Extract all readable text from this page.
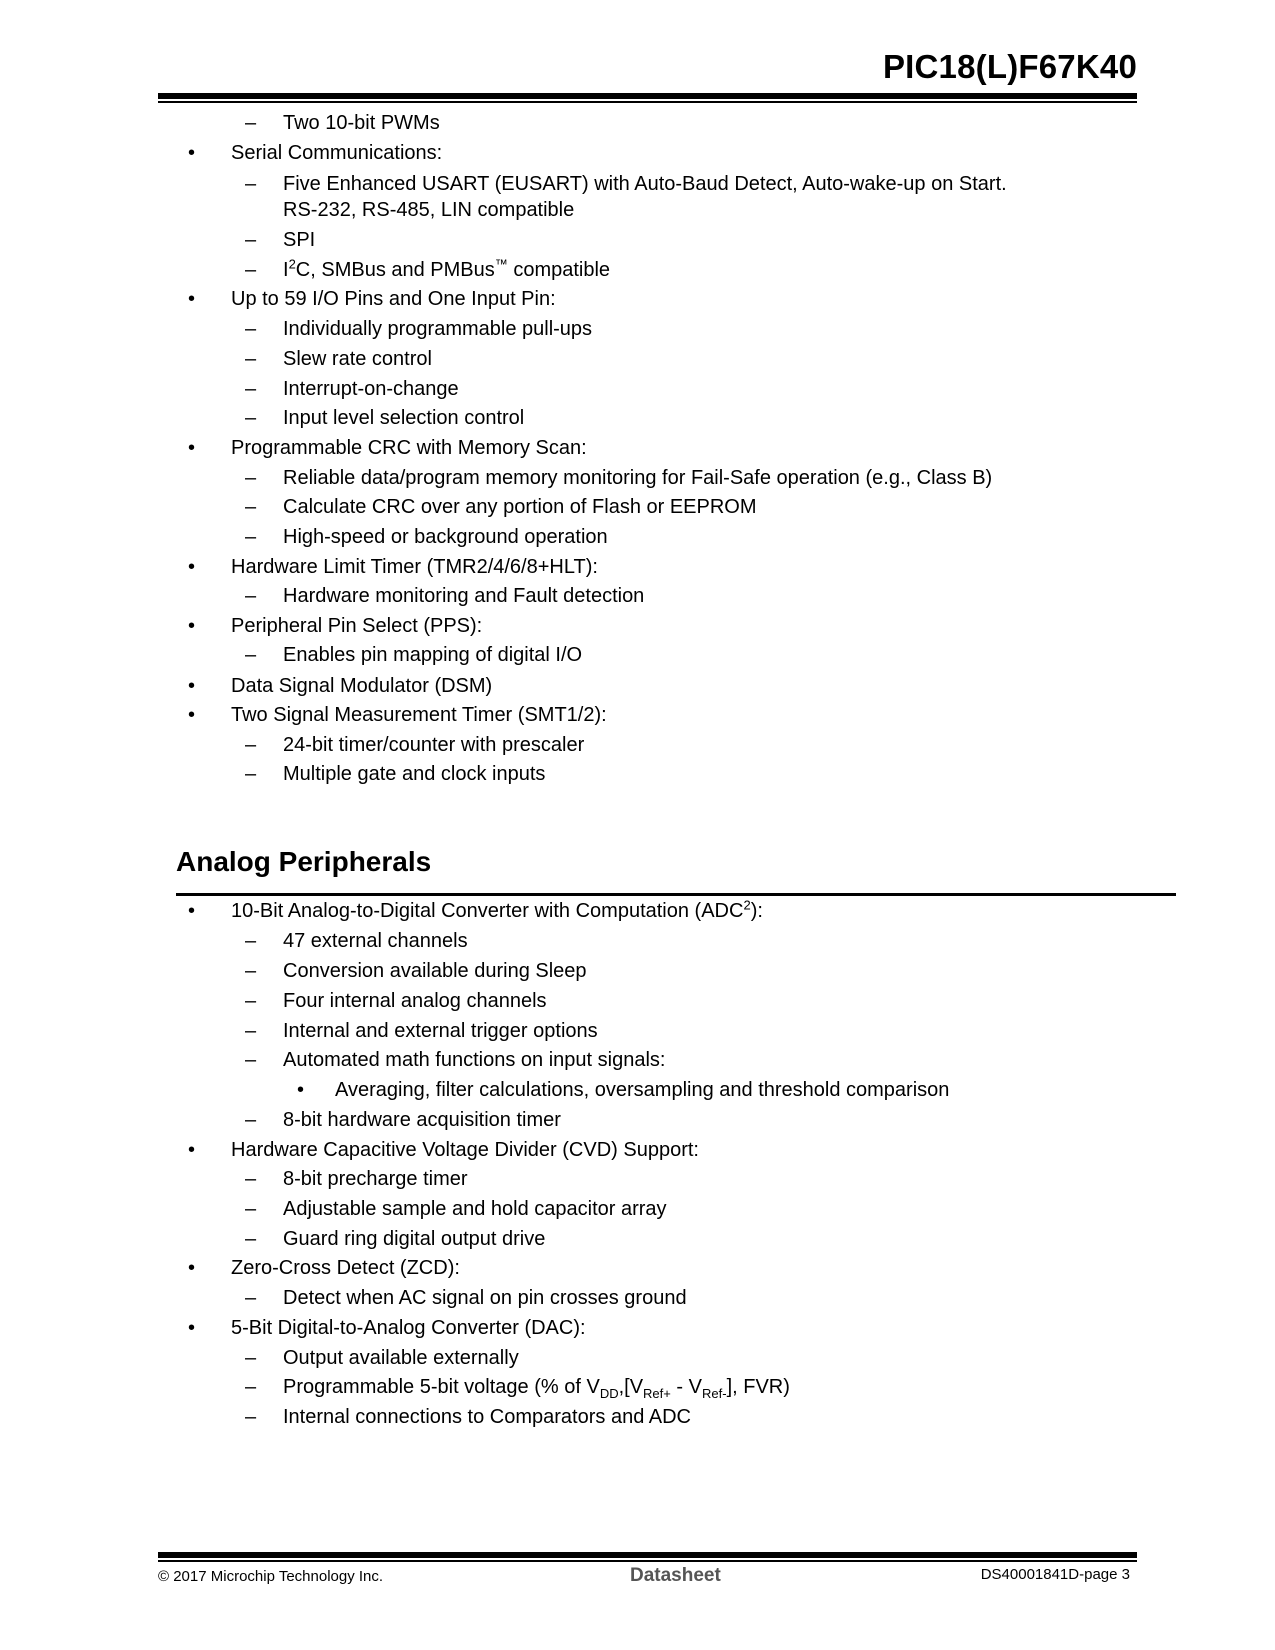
PIC18(L)F67K40
– Two 10-bit PWMs
• Serial Communications:
– Five Enhanced USART (EUSART) with Auto-Baud Detect, Auto-wake-up on Start.
RS-232, RS-485, LIN compatible
– SPI
– $I^2C$, SMBus and PMBus™ compatible
• Up to 59 I/O Pins and One Input Pin:
– Individually programmable pull-ups
– Slew rate control
– Interrupt-on-change
– Input level selection control
• Programmable CRC with Memory Scan:
– Reliable data/program memory monitoring for Fail-Safe operation (e.g., Class B)
– Calculate CRC over any portion of Flash or EEPROM
– High-speed or background operation
• Hardware Limit Timer (TMR2/4/6/8+HLT):
– Hardware monitoring and Fault detection
• Peripheral Pin Select (PPS):
– Enables pin mapping of digital I/O
• Data Signal Modulator (DSM)
• Two Signal Measurement Timer (SMT1/2):
– 24-bit timer/counter with prescaler
– Multiple gate and clock inputs
Analog Peripherals
• 10-Bit Analog-to-Digital Converter with Computation (ADC$^2$):
– 47 external channels
– Conversion available during Sleep
– Four internal analog channels
– Internal and external trigger options
– Automated math functions on input signals:
• Averaging, filter calculations, oversampling and threshold comparison
– 8-bit hardware acquisition timer
• Hardware Capacitive Voltage Divider (CVD) Support:
– 8-bit precharge timer
– Adjustable sample and hold capacitor array
– Guard ring digital output drive
• Zero-Cross Detect (ZCD):
– Detect when AC signal on pin crosses ground
• 5-Bit Digital-to-Analog Converter (DAC):
– Output available externally
– Programmable 5-bit voltage (% of $V_{DD},[V_{Ref+} - V_{Ref-}]$, FVR)
– Internal connections to Comparators and ADC
© 2017 Microchip Technology Inc.	Datasheet	DS40001841D-page 3
